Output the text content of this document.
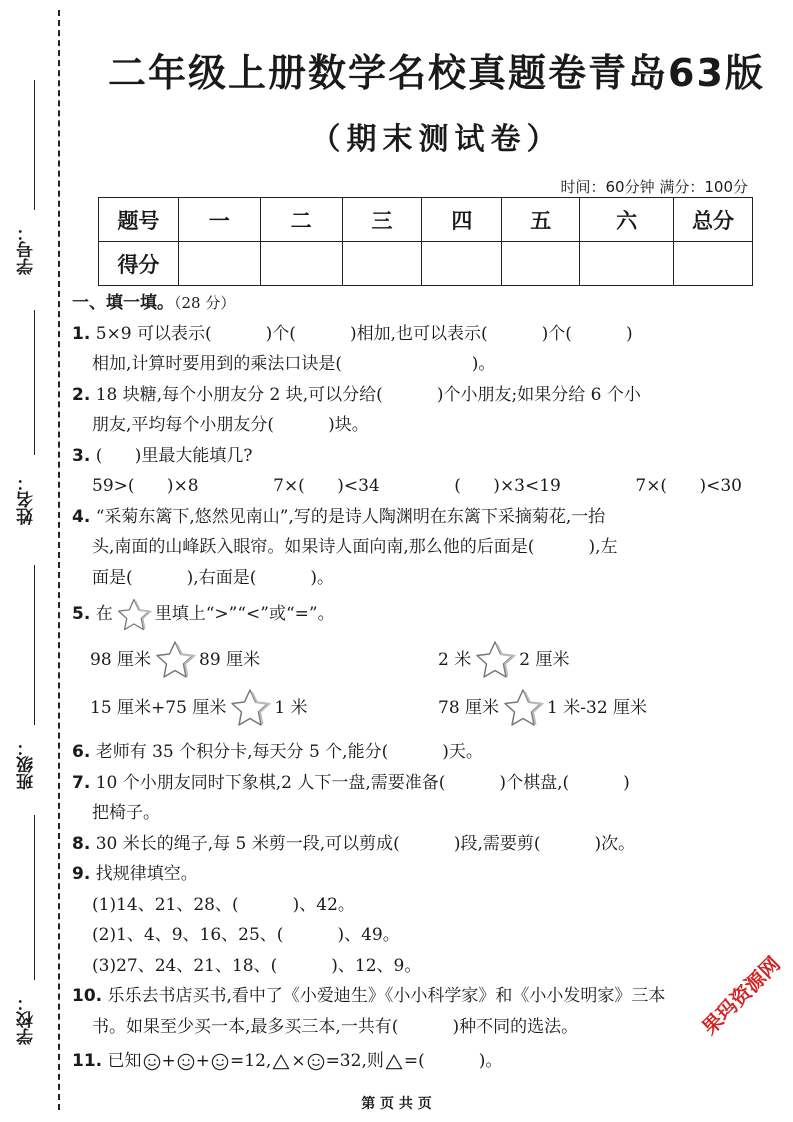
学号：
姓名：
班级：
学校：
二年级上册数学名校真题卷青岛63版
（期末测试卷）
时间：60分钟 满分：100分
题号	一	二	三	四	五	六	总分
得分							
一、填一填。（28 分）
1. 5×9 可以表示(          )个(          )相加,也可以表示(          )个(          )
相加,计算时要用到的乘法口诀是(                        )。
2. 18 块糖,每个小朋友分 2 块,可以分给(          )个小朋友;如果分给 6 个小
朋友,平均每个小朋友分(          )块。
3. (      )里最大能填几?
59>(      )×8	7×(      )<34	(      )×3<19	7×(      )<30
4. “采菊东篱下,悠然见南山”,写的是诗人陶渊明在东篱下采摘菊花,一抬
头,南面的山峰跃入眼帘。如果诗人面向南,那么他的后面是(          ),左
面是(          ),右面是(          )。
5. 在 里填上“>”“<”或“=”。
98 厘米	89 厘米	2 米	2 厘米
15 厘米+75 厘米	1 米	78 厘米	1 米-32 厘米
6. 老师有 35 个积分卡,每天分 5 个,能分(          )天。
7. 10 个小朋友同时下象棋,2 人下一盘,需要准备(          )个棋盘,(          )
把椅子。
8. 30 米长的绳子,每 5 米剪一段,可以剪成(          )段,需要剪(          )次。
9. 找规律填空。
(1)14、21、28、(          )、42。
(2)1、4、9、16、25、(          )、49。
(3)27、24、21、18、(          )、12、9。
10. 乐乐去书店买书,看中了《小爱迪生》《小小科学家》和《小小发明家》三本
书。如果至少买一本,最多买三本,一共有(          )种不同的选法。
11. 已知 + + =12, × =32,则 =(          )。
果玛资源网
第 页 共 页
